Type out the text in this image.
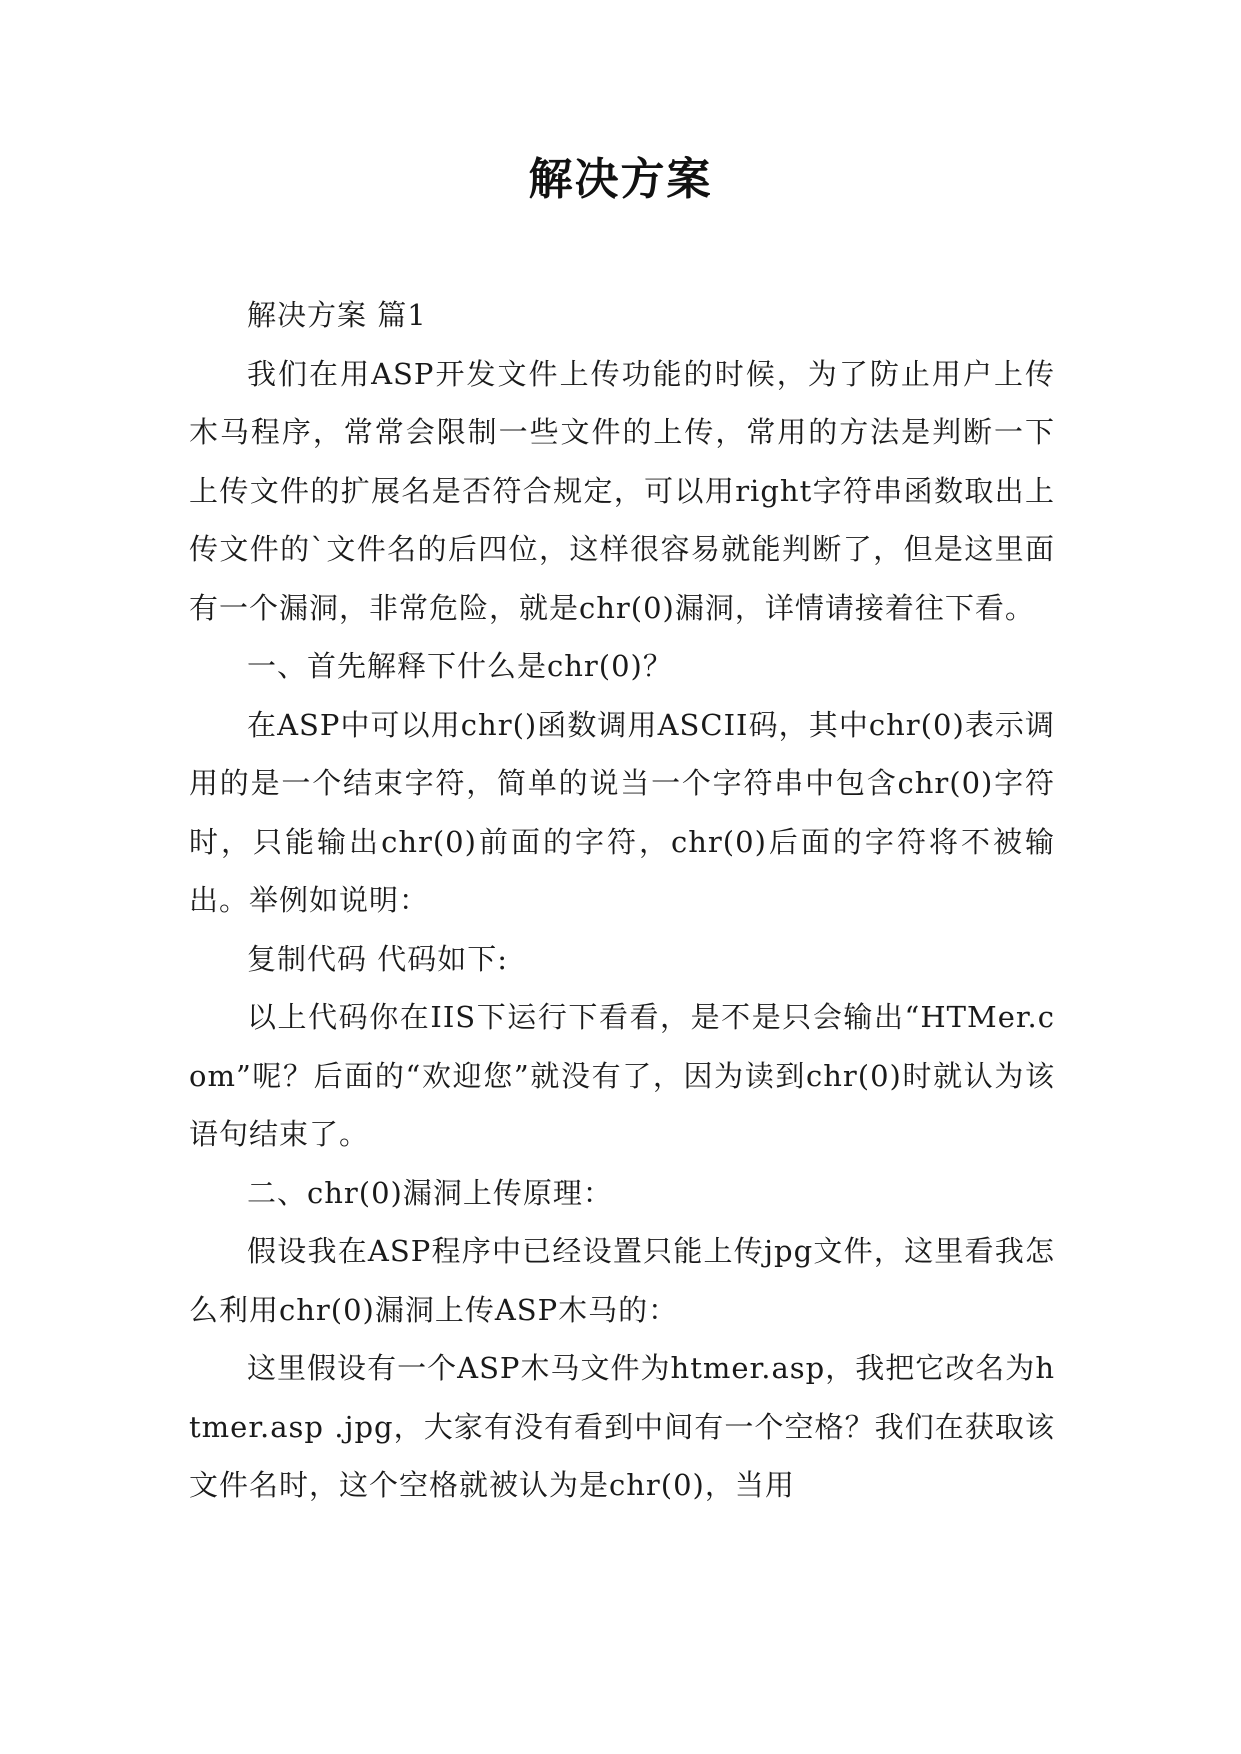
解决方案

解决方案 篇1

我们在用ASP开发文件上传功能的时候，为了防止用户上传木马程序，常常会限制一些文件的上传，常用的方法是判断一下上传文件的扩展名是否符合规定，可以用right字符串函数取出上传文件的`文件名的后四位，这样很容易就能判断了，但是这里面有一个漏洞，非常危险，就是chr(0)漏洞，详情请接着往下看。

一、首先解释下什么是chr(0)？

在ASP中可以用chr()函数调用ASCII码，其中chr(0)表示调用的是一个结束字符，简单的说当一个字符串中包含chr(0)字符时，只能输出chr(0)前面的字符，chr(0)后面的字符将不被输出。举例如说明：

复制代码 代码如下:

以上代码你在IIS下运行下看看，是不是只会输出“HTMer.com”呢？后面的“欢迎您”就没有了，因为读到chr(0)时就认为该语句结束了。

二、chr(0)漏洞上传原理：

假设我在ASP程序中已经设置只能上传jpg文件，这里看我怎么利用chr(0)漏洞上传ASP木马的：

这里假设有一个ASP木马文件为htmer.asp，我把它改名为htmer.asp .jpg，大家有没有看到中间有一个空格？我们在获取该文件名时，这个空格就被认为是chr(0)，当用
